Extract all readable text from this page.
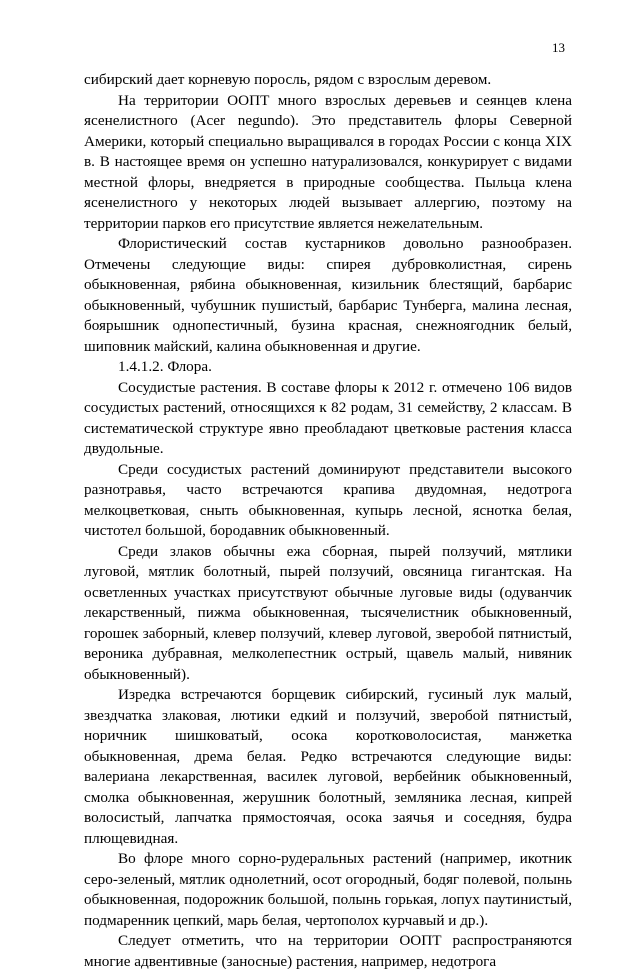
13

сибирский дает корневую поросль, рядом с взрослым деревом.

На территории ООПТ много взрослых деревьев и сеянцев клена ясенелистного (Acer negundo). Это представитель флоры Северной Америки, который специально выращивался в городах России с конца XIX в. В настоящее время он успешно натурализовался, конкурирует с видами местной флоры, внедряется в природные сообщества. Пыльца клена ясенелистного у некоторых людей вызывает аллергию, поэтому на территории парков его присутствие является нежелательным.

Флористический состав кустарников довольно разнообразен. Отмечены следующие виды: спирея дубровколистная, сирень обыкновенная, рябина обыкновенная, кизильник блестящий, барбарис обыкновенный, чубушник пушистый, барбарис Тунберга, малина лесная, боярышник однопестичный, бузина красная, снежноягодник белый, шиповник майский, калина обыкновенная и другие.

1.4.1.2. Флора.

Сосудистые растения. В составе флоры к 2012 г. отмечено 106 видов сосудистых растений, относящихся к 82 родам, 31 семейству, 2 классам. В систематической структуре явно преобладают цветковые растения класса двудольные.

Среди сосудистых растений доминируют представители высокого разнотравья, часто встречаются крапива двудомная, недотрога мелкоцветковая, сныть обыкновенная, купырь лесной, яснотка белая, чистотел большой, бородавник обыкновенный.

Среди злаков обычны ежа сборная, пырей ползучий, мятлики луговой, мятлик болотный, пырей ползучий, овсяница гигантская. На осветленных участках присутствуют обычные луговые виды (одуванчик лекарственный, пижма обыкновенная, тысячелистник обыкновенный, горошек заборный, клевер ползучий, клевер луговой, зверобой пятнистый, вероника дубравная, мелколепестник острый, щавель малый, нивяник обыкновенный).

Изредка встречаются борщевик сибирский, гусиный лук малый, звездчатка злаковая, лютики едкий и ползучий, зверобой пятнистый, норичник шишковатый, осока коротковолосистая, манжетка обыкновенная, дрема белая. Редко встречаются следующие виды: валериана лекарственная, василек луговой, вербейник обыкновенный, смолка обыкновенная, жерушник болотный, земляника лесная, кипрей волосистый, лапчатка прямостоячая, осока заячья и соседняя, будра плющевидная.

Во флоре много сорно-рудеральных растений (например, икотник серо-зеленый, мятлик однолетний, осот огородный, бодяг полевой, полынь обыкновенная, подорожник большой, полынь горькая, лопух паутинистый, подмаренник цепкий, марь белая, чертополох курчавый и др.).

Следует отметить, что на территории ООПТ распространяются многие адвентивные (заносные) растения, например, недотрога
